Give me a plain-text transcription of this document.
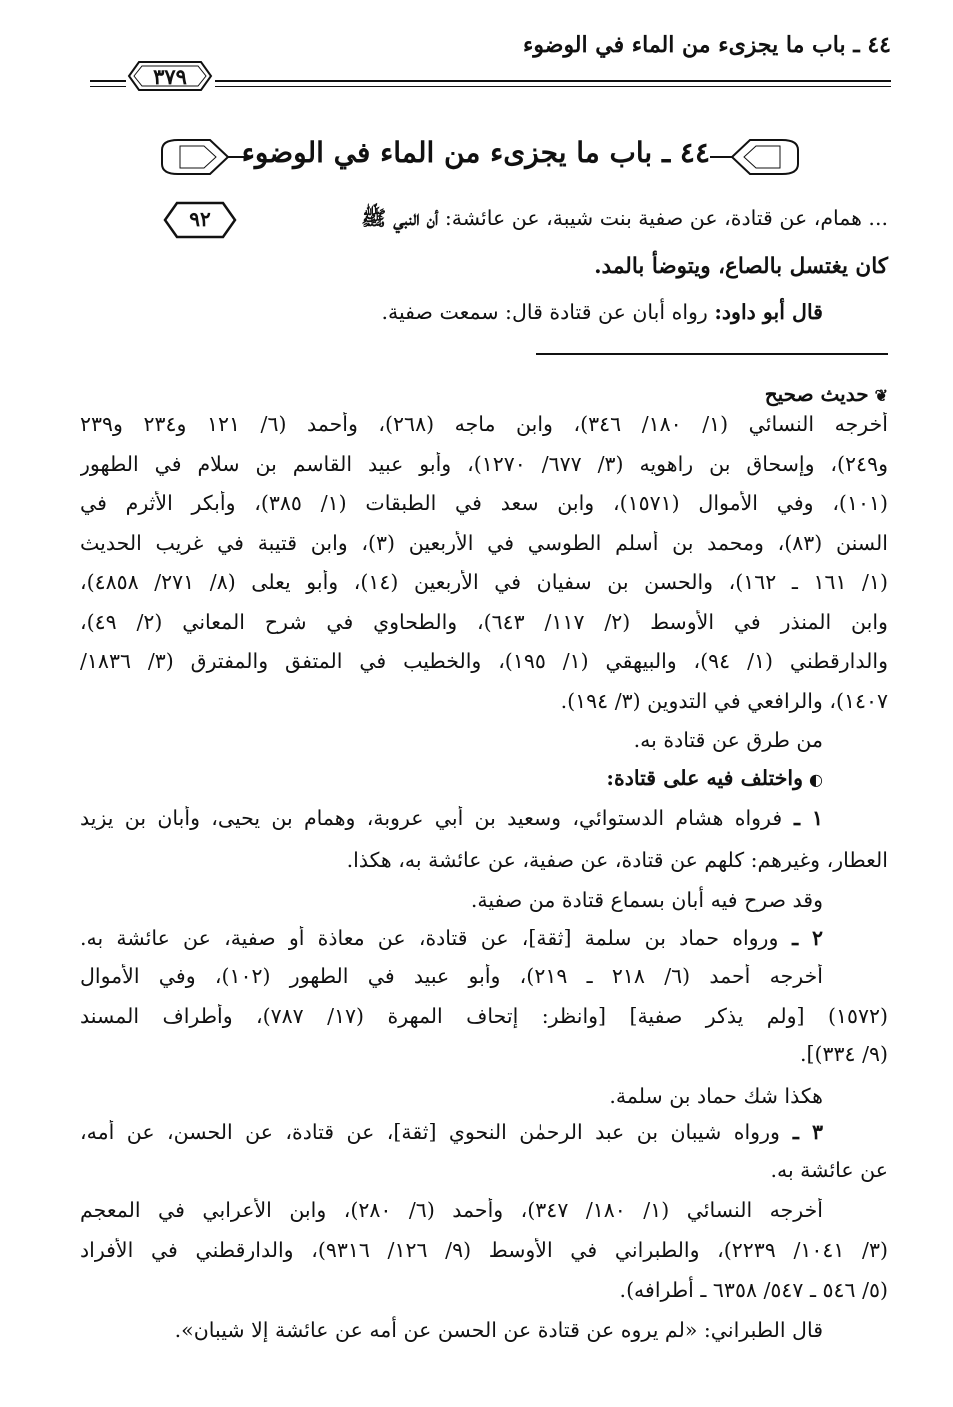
٤٤ ـ باب ما يجزىء من الماء في الوضوء
٣٧٩
٤٤ ـ باب ما يجزىء من الماء في الوضوء
٩٢	... همام، عن قتادة، عن صفية بنت شيبة، عن عائشة: أن النبي ﷺ
كان يغتسل بالصاع، ويتوضأ بالمد.
قال أبو داود: رواه أبان عن قتادة قال: سمعت صفية.
❦حديث صحيح
أخرجه النسائي (١/ ١٨٠/ ٣٤٦)، وابن ماجه (٢٦٨)، وأحمد (٦/ ١٢١ و٢٣٤ و٢٣٩
و٢٤٩)، وإسحاق بن راهويه (٣/ ٦٧٧/ ١٢٧٠)، وأبو عبيد القاسم بن سلام في الطهور
(١٠١)، وفي الأموال (١٥٧١)، وابن سعد في الطبقات (١/ ٣٨٥)، وأبكر الأثرم في
السنن (٨٣)، ومحمد بن أسلم الطوسي في الأربعين (٣)، وابن قتيبة في غريب الحديث
(١/ ١٦١ ـ ١٦٢)، والحسن بن سفيان في الأربعين (١٤)، وأبو يعلى (٨/ ٢٧١/ ٤٨٥٨)،
وابن المنذر في الأوسط (٢/ ١١٧/ ٦٤٣)، والطحاوي في شرح المعاني (٢/ ٤٩)،
والدارقطني (١/ ٩٤)، والبيهقي (١/ ١٩٥)، والخطيب في المتفق والمفترق (٣/ ١٨٣٦/
١٤٠٧)، والرافعي في التدوين (٣/ ١٩٤).
من طرق عن قتادة به.
◐واختلف فيه على قتادة:
١ ـ فرواه هشام الدستوائي، وسعيد بن أبي عروبة، وهمام بن يحيى، وأبان بن يزيد
العطار، وغيرهم: كلهم عن قتادة، عن صفية، عن عائشة به، هكذا.
وقد صرح فيه أبان بسماع قتادة من صفية.
٢ ـ ورواه حماد بن سلمة [ثقة]، عن قتادة، عن معاذة أو صفية، عن عائشة به.
أخرجه أحمد (٦/ ٢١٨ ـ ٢١٩)، وأبو عبيد في الطهور (١٠٢)، وفي الأموال
(١٥٧٢) [ولم يذكر صفية] [وانظر: إتحاف المهرة (١٧/ ٧٨٧)، وأطراف المسند
(٩/ ٣٣٤)].
هكذا شك حماد بن سلمة.
٣ ـ ورواه شيبان بن عبد الرحمٰن النحوي [ثقة]، عن قتادة، عن الحسن، عن أمه،
عن عائشة به.
أخرجه النسائي (١/ ١٨٠/ ٣٤٧)، وأحمد (٦/ ٢٨٠)، وابن الأعرابي في المعجم
(٣/ ١٠٤١/ ٢٢٣٩)، والطبراني في الأوسط (٩/ ١٢٦/ ٩٣١٦)، والدارقطني في الأفراد
(٥/ ٥٤٦ ـ ٥٤٧/ ٦٣٥٨ ـ أطرافه).
قال الطبراني: «لم يروه عن قتادة عن الحسن عن أمه عن عائشة إلا شيبان».
